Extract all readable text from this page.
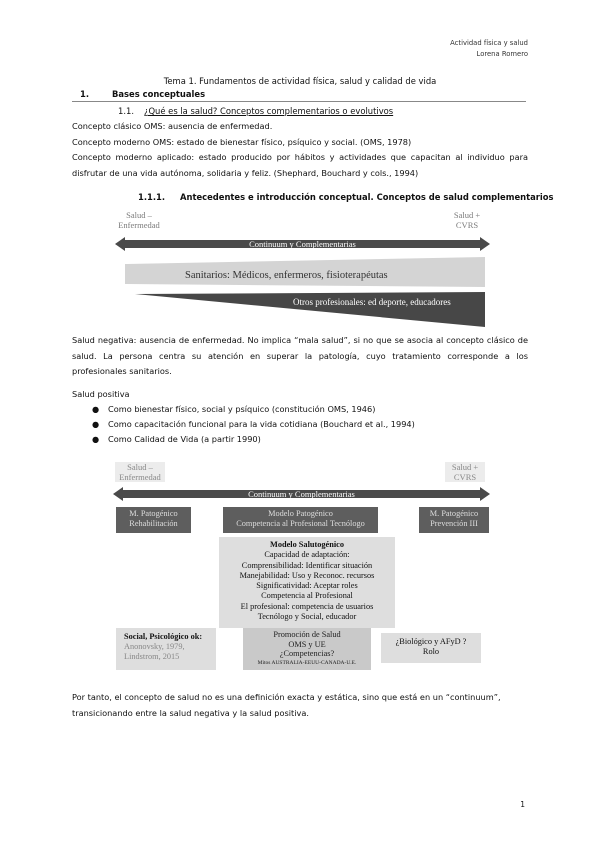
Actividad física y salud
Lorena Romero
Tema 1. Fundamentos de actividad física, salud y calidad de vida
1.	Bases conceptuales
1.1. ¿Qué es la salud? Conceptos complementarios o evolutivos
Concepto clásico OMS: ausencia de enfermedad.
Concepto moderno OMS: estado de bienestar físico, psíquico y social. (OMS, 1978)
Concepto moderno aplicado: estado producido por hábitos y actividades que capacitan al individuo para disfrutar de una vida autónoma, solidaria y feliz. (Shephard, Bouchard y cols., 1994)
1.1.1. Antecedentes e introducción conceptual. Conceptos de salud complementarios
Salud – Enfermedad
Salud + CVRS
Continuum y Complementarias
Sanitarios: Médicos, enfermeros, fisioterapéutas
Otros profesionales: ed deporte, educadores
Salud negativa: ausencia de enfermedad. No implica “mala salud”, si no que se asocia al concepto clásico de salud. La persona centra su atención en superar la patología, cuyo tratamiento corresponde a los profesionales sanitarios.
Salud positiva
● Como bienestar físico, social y psíquico (constitución OMS, 1946)
● Como capacitación funcional para la vida cotidiana (Bouchard et al., 1994)
● Como Calidad de Vida (a partir 1990)
Salud – Enfermedad
Salud + CVRS
Continuum y Complementarias
M. Patogénico
Rehabilitación
Modelo Patogénico
Competencia al Profesional Tecnólogo
M. Patogénico
Prevención III
Modelo Salutogénico
Capacidad de adaptación:
Comprensibilidad: Identificar situación
Manejabilidad: Uso y Reconoc. recursos
Significatividad: Aceptar roles
Competencia al Profesional
El profesional: competencia de usuarios
Tecnólogo y Social, educador
Social, Psicológico ok:
Anonovsky, 1979,
Lindstrom, 2015
Promoción de Salud
OMS y UE
¿Competencias?
Mitos AUSTRALIA-EEUU-CANADA-U.E.
¿Biológico y AFyD ?
Rolo
Por tanto, el concepto de salud no es una definición exacta y estática, sino que está en un “continuum”, transicionando entre la salud negativa y la salud positiva.
1
